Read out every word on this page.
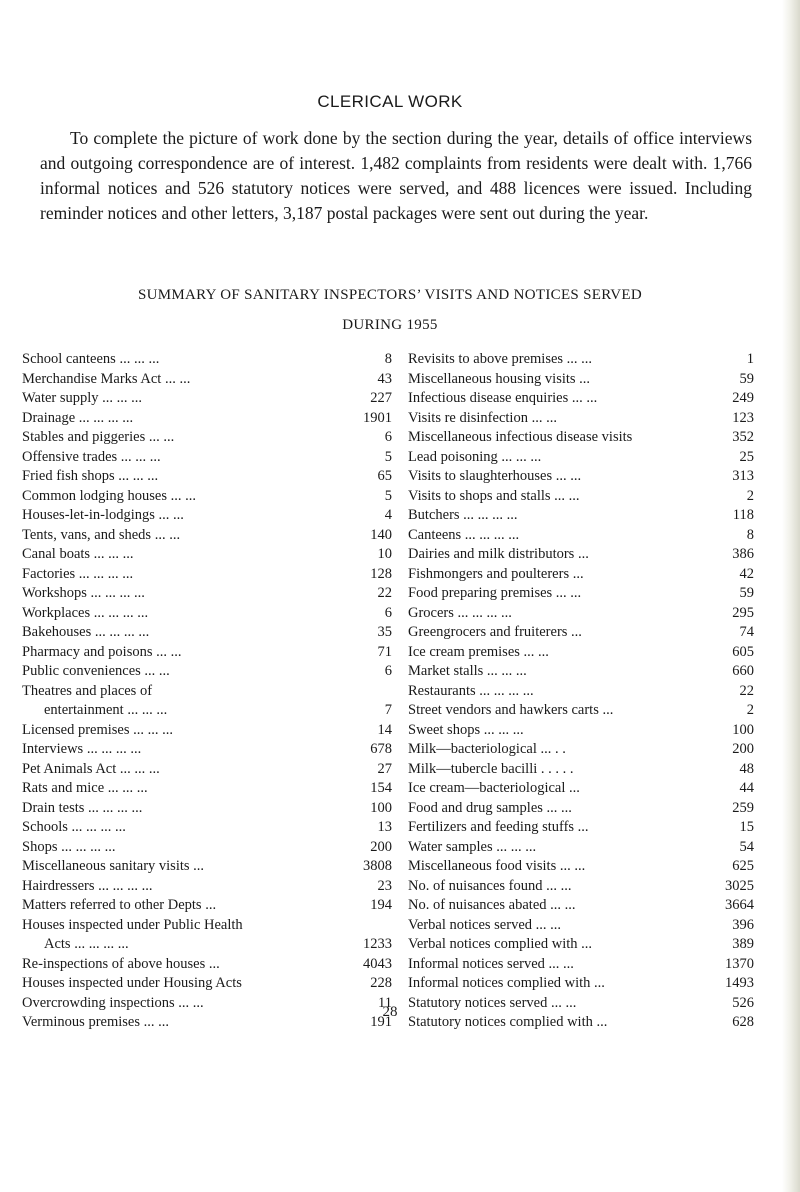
CLERICAL WORK

To complete the picture of work done by the section during the year, details of office interviews and outgoing correspondence are of interest. 1,482 complaints from residents were dealt with. 1,766 informal notices and 526 statutory notices were served, and 488 licences were issued. Including reminder notices and other letters, 3,187 postal packages were sent out during the year.

SUMMARY OF SANITARY INSPECTORS’ VISITS AND NOTICES SERVED

DURING 1955

School canteens ... ... ...	8
Merchandise Marks Act ... ...	43
Water supply ... ... ...	227
Drainage ... ... ... ...	1901
Stables and piggeries ... ...	6
Offensive trades ... ... ...	5
Fried fish shops ... ... ...	65
Common lodging houses ... ...	5
Houses-let-in-lodgings ... ...	4
Tents, vans, and sheds ... ...	140
Canal boats ... ... ...	10
Factories ... ... ... ...	128
Workshops ... ... ... ...	22
Workplaces ... ... ... ...	6
Bakehouses ... ... ... ...	35
Pharmacy and poisons ... ...	71
Public conveniences ... ...	6
Theatres and places of
entertainment ... ... ...	7
Licensed premises ... ... ...	14
Interviews ... ... ... ...	678
Pet Animals Act ... ... ...	27
Rats and mice ... ... ...	154
Drain tests ... ... ... ...	100
Schools ... ... ... ...	13
Shops ... ... ... ...	200
Miscellaneous sanitary visits ...	3808
Hairdressers ... ... ... ...	23
Matters referred to other Depts ...	194
Houses inspected under Public Health
Acts ... ... ... ...	1233
Re-inspections of above houses ...	4043
Houses inspected under Housing Acts	228
Overcrowding inspections ... ...	11
Verminous premises ... ...	191
Revisits to above premises ... ...	1
Miscellaneous housing visits ...	59
Infectious disease enquiries ... ...	249
Visits re disinfection ... ...	123
Miscellaneous infectious disease visits	352
Lead poisoning ... ... ...	25
Visits to slaughterhouses ... ...	313
Visits to shops and stalls ... ...	2
Butchers ... ... ... ...	118
Canteens ... ... ... ...	8
Dairies and milk distributors ...	386
Fishmongers and poulterers ...	42
Food preparing premises ... ...	59
Grocers ... ... ... ...	295
Greengrocers and fruiterers ...	74
Ice cream premises ... ...	605
Market stalls ... ... ...	660
Restaurants ... ... ... ...	22
Street vendors and hawkers carts ...	2
Sweet shops ... ... ...	100
Milk—bacteriological ... . .	200
Milk—tubercle bacilli . . . . .	48
Ice cream—bacteriological ...	44
Food and drug samples ... ...	259
Fertilizers and feeding stuffs ...	15
Water samples ... ... ...	54
Miscellaneous food visits ... ...	625
No. of nuisances found ... ...	3025
No. of nuisances abated ... ...	3664
Verbal notices served ... ...	396
Verbal notices complied with ...	389
Informal notices served ... ...	1370
Informal notices complied with ...	1493
Statutory notices served ... ...	526
Statutory notices complied with ...	628

28
